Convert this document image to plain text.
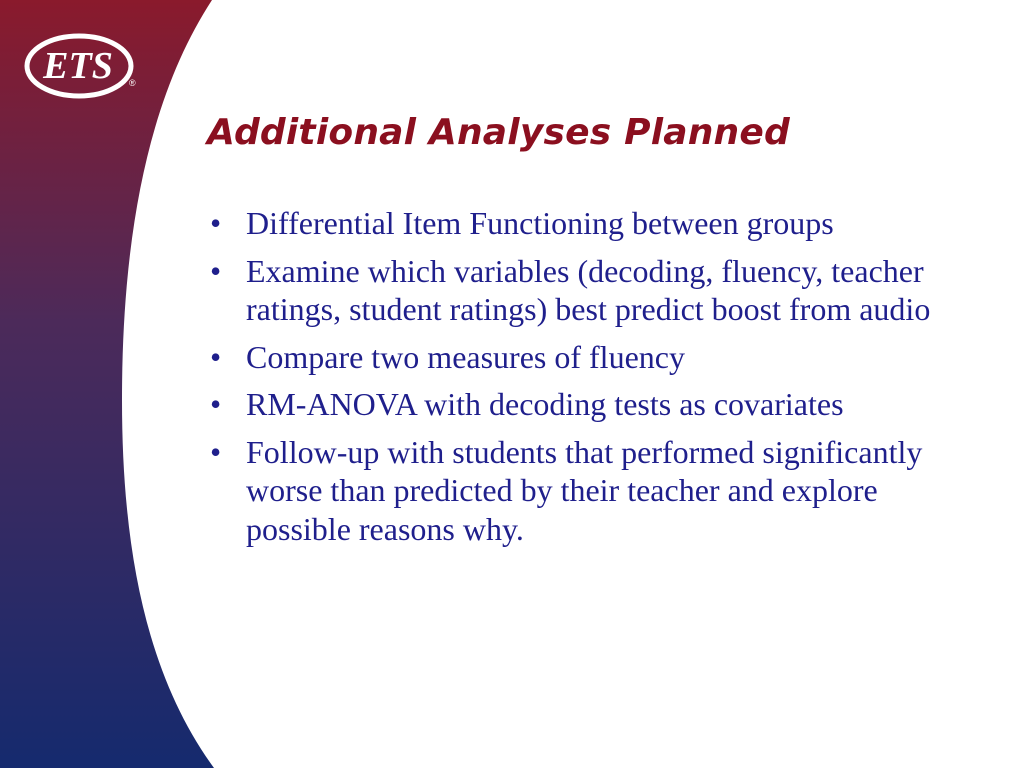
ETS ®
Additional Analyses Planned
• Differential Item Functioning between groups
• Examine which variables (decoding, fluency, teacher ratings, student ratings) best predict boost from audio
• Compare two measures of fluency
• RM-ANOVA with decoding tests as covariates
• Follow-up with students that performed significantly worse than predicted by their teacher and explore possible reasons why.
